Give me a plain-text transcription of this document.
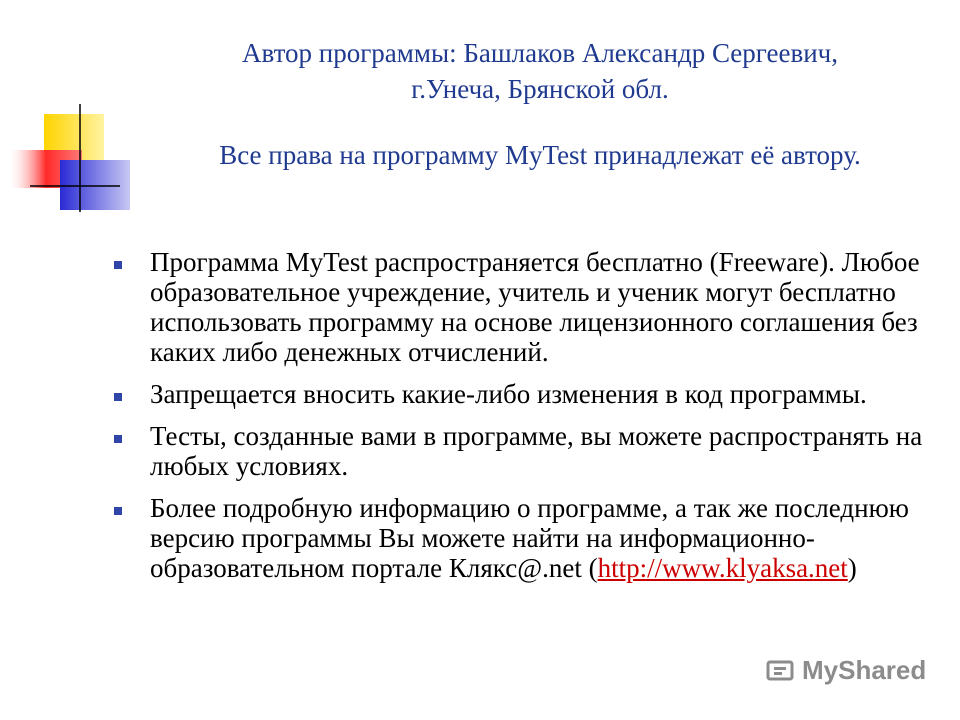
Автор программы: Башлаков Александр Сергеевич,
г.Унеча, Брянской обл.
Все права на программу MyTest принадлежат её автору.
Программа MyTest распространяется бесплатно (Freeware). Любое образовательное учреждение, учитель и ученик могут бесплатно использовать программу на основе лицензионного соглашения без каких либо денежных отчислений.
Запрещается вносить какие-либо изменения в код программы.
Тесты, созданные вами в программе, вы можете распространять на любых условиях.
Более подробную информацию о программе, а так же последнюю версию программы Вы можете найти на информационно-образовательном портале Клякс@.net (http://www.klyaksa.net)
MyShared
